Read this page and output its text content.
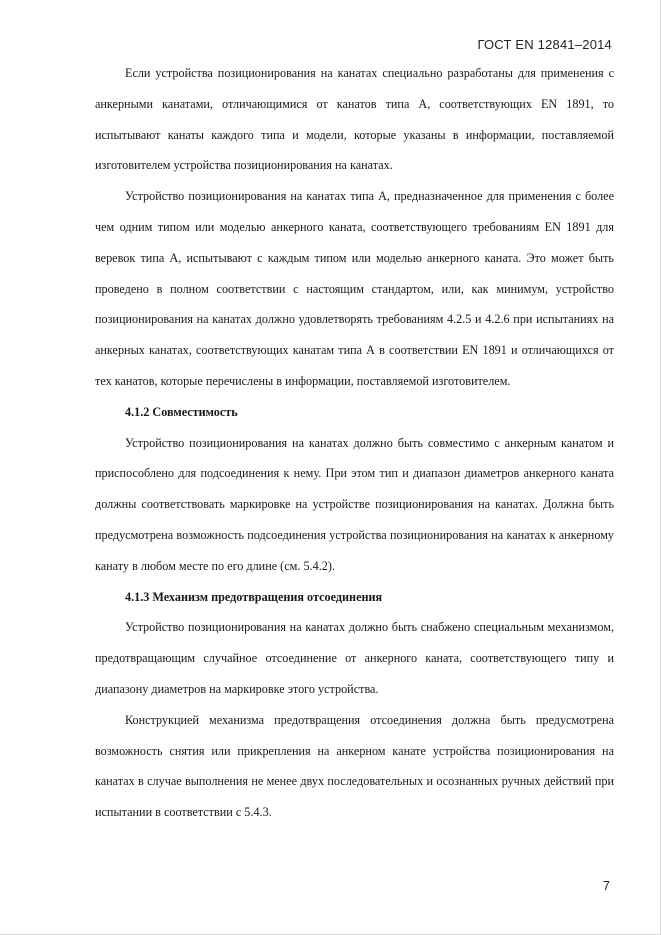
ГОСТ EN 12841–2014

Если устройства позиционирования на канатах специально разработаны для применения с анкерными канатами, отличающимися от канатов типа А, соответствующих EN 1891, то испытывают канаты каждого типа и модели, которые указаны в информации, поставляемой изготовителем устройства позиционирования на канатах.

Устройство позиционирования на канатах типа А, предназначенное для применения с более чем одним типом или моделью анкерного каната, соответствующего требованиям EN 1891 для веревок типа А, испытывают с каждым типом или моделью анкерного каната. Это может быть проведено в полном соответствии с настоящим стандартом, или, как минимум, устройство позиционирования на канатах должно удовлетворять требованиям 4.2.5 и 4.2.6 при испытаниях на анкерных канатах, соответствующих канатам типа А в соответствии EN 1891 и отличающихся от тех канатов, которые перечислены в информации, поставляемой изготовителем.

4.1.2 Совместимость

Устройство позиционирования на канатах должно быть совместимо с анкерным канатом и приспособлено для подсоединения к нему. При этом тип и диапазон диаметров анкерного каната должны соответствовать маркировке на устройстве позиционирования на канатах. Должна быть предусмотрена возможность подсоединения устройства позиционирования на канатах к анкерному канату в любом месте по его длине (см. 5.4.2).

4.1.3 Механизм предотвращения отсоединения

Устройство позиционирования на канатах должно быть снабжено специальным механизмом, предотвращающим случайное отсоединение от анкерного каната, соответствующего типу и диапазону диаметров на маркировке этого устройства.

Конструкцией механизма предотвращения отсоединения должна быть предусмотрена возможность снятия или прикрепления на анкерном канате устройства позиционирования на канатах в случае выполнения не менее двух последовательных и осознанных ручных действий при испытании в соответствии с 5.4.3.

7
